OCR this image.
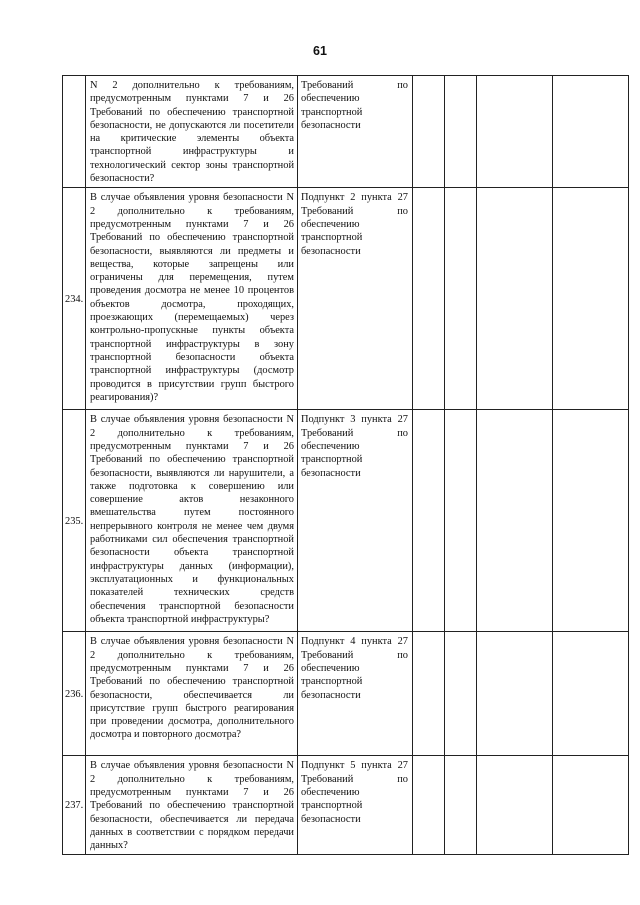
61
	N 2 дополнительно к требованиям, предусмотренным пунктами 7 и 26 Требований по обеспечению транспортной безопасности, не допускаются ли посетители на критические элементы объекта транспортной инфраструктуры и технологический сектор зоны транспортной безопасности?	Требований по обеспечению транспортной безопасности				
234.	В случае объявления уровня безопасности N 2 дополнительно к требованиям, предусмотренным пунктами 7 и 26 Требований по обеспечению транспортной безопасности, выявляются ли предметы и вещества, которые запрещены или ограничены для перемещения, путем проведения досмотра не менее 10 процентов объектов досмотра, проходящих, проезжающих (перемещаемых) через контрольно-пропускные пункты объекта транспортной инфраструктуры в зону транспортной безопасности объекта транспортной инфраструктуры (досмотр проводится в присутствии групп быстрого реагирования)?	Подпункт 2 пункта 27 Требований по обеспечению транспортной безопасности				
235.	В случае объявления уровня безопасности N 2 дополнительно к требованиям, предусмотренным пунктами 7 и 26 Требований по обеспечению транспортной безопасности, выявляются ли нарушители, а также подготовка к совершению или совершение актов незаконного вмешательства путем постоянного непрерывного контроля не менее чем двумя работниками сил обеспечения транспортной безопасности объекта транспортной инфраструктуры данных (информации), эксплуатационных и функциональных показателей технических средств обеспечения транспортной безопасности объекта транспортной инфраструктуры?	Подпункт 3 пункта 27 Требований по обеспечению транспортной безопасности				
236.	В случае объявления уровня безопасности N 2 дополнительно к требованиям, предусмотренным пунктами 7 и 26 Требований по обеспечению транспортной безопасности, обеспечивается ли присутствие групп быстрого реагирования при проведении досмотра, дополнительного досмотра и повторного досмотра?	Подпункт 4 пункта 27 Требований по обеспечению транспортной безопасности				
237.	В случае объявления уровня безопасности N 2 дополнительно к требованиям, предусмотренным пунктами 7 и 26 Требований по обеспечению транспортной безопасности, обеспечивается ли передача данных в соответствии с порядком передачи данных?	Подпункт 5 пункта 27 Требований по обеспечению транспортной безопасности				
